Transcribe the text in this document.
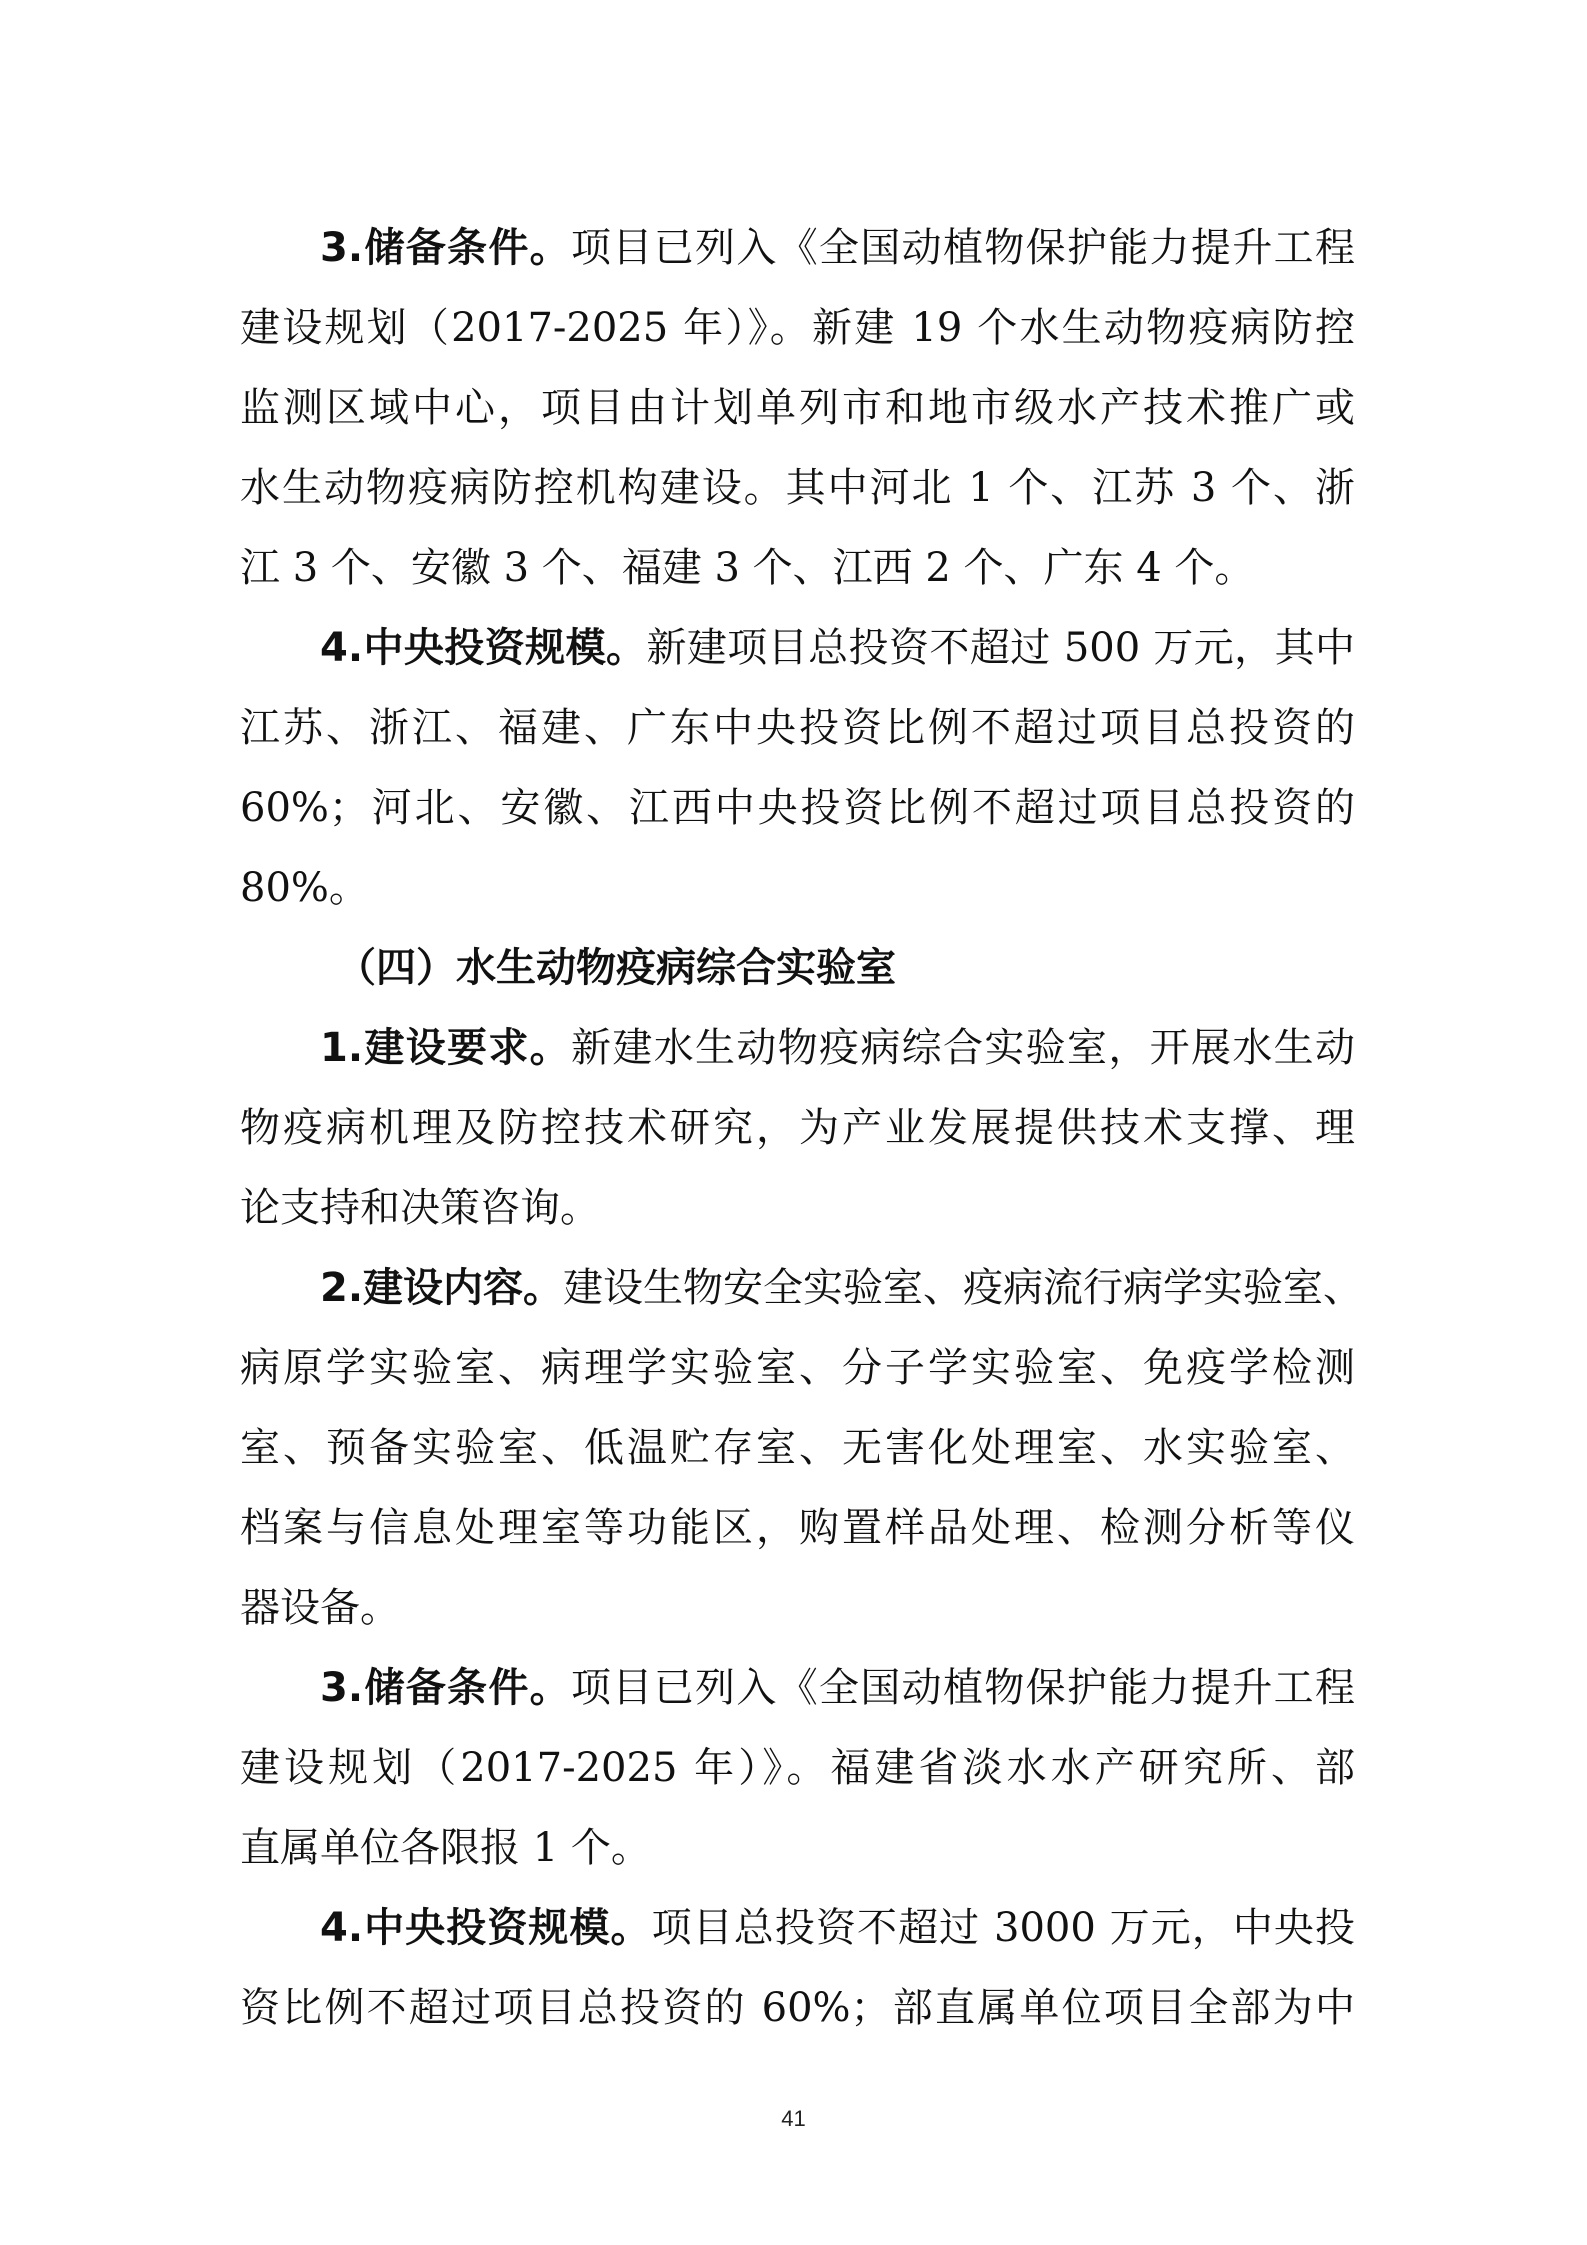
3.储备条件。项目已列入《全国动植物保护能力提升工程
建设规划（2017-2025 年）》。新建 19 个水生动物疫病防控
监测区域中心，项目由计划单列市和地市级水产技术推广或
水生动物疫病防控机构建设。其中河北 1 个、江苏 3 个、浙
江 3 个、安徽 3 个、福建 3 个、江西 2 个、广东 4 个。
4.中央投资规模。新建项目总投资不超过 500 万元，其中
江苏、浙江、福建、广东中央投资比例不超过项目总投资的
60%；河北、安徽、江西中央投资比例不超过项目总投资的
80%。
（四）水生动物疫病综合实验室
1.建设要求。新建水生动物疫病综合实验室，开展水生动
物疫病机理及防控技术研究，为产业发展提供技术支撑、理
论支持和决策咨询。
2.建设内容。建设生物安全实验室、疫病流行病学实验室、
病原学实验室、病理学实验室、分子学实验室、免疫学检测
室、预备实验室、低温贮存室、无害化处理室、水实验室、
档案与信息处理室等功能区，购置样品处理、检测分析等仪
器设备。
3.储备条件。项目已列入《全国动植物保护能力提升工程
建设规划（2017-2025 年）》。福建省淡水水产研究所、部
直属单位各限报 1 个。
4.中央投资规模。项目总投资不超过 3000 万元，中央投
资比例不超过项目总投资的 60%；部直属单位项目全部为中
41
